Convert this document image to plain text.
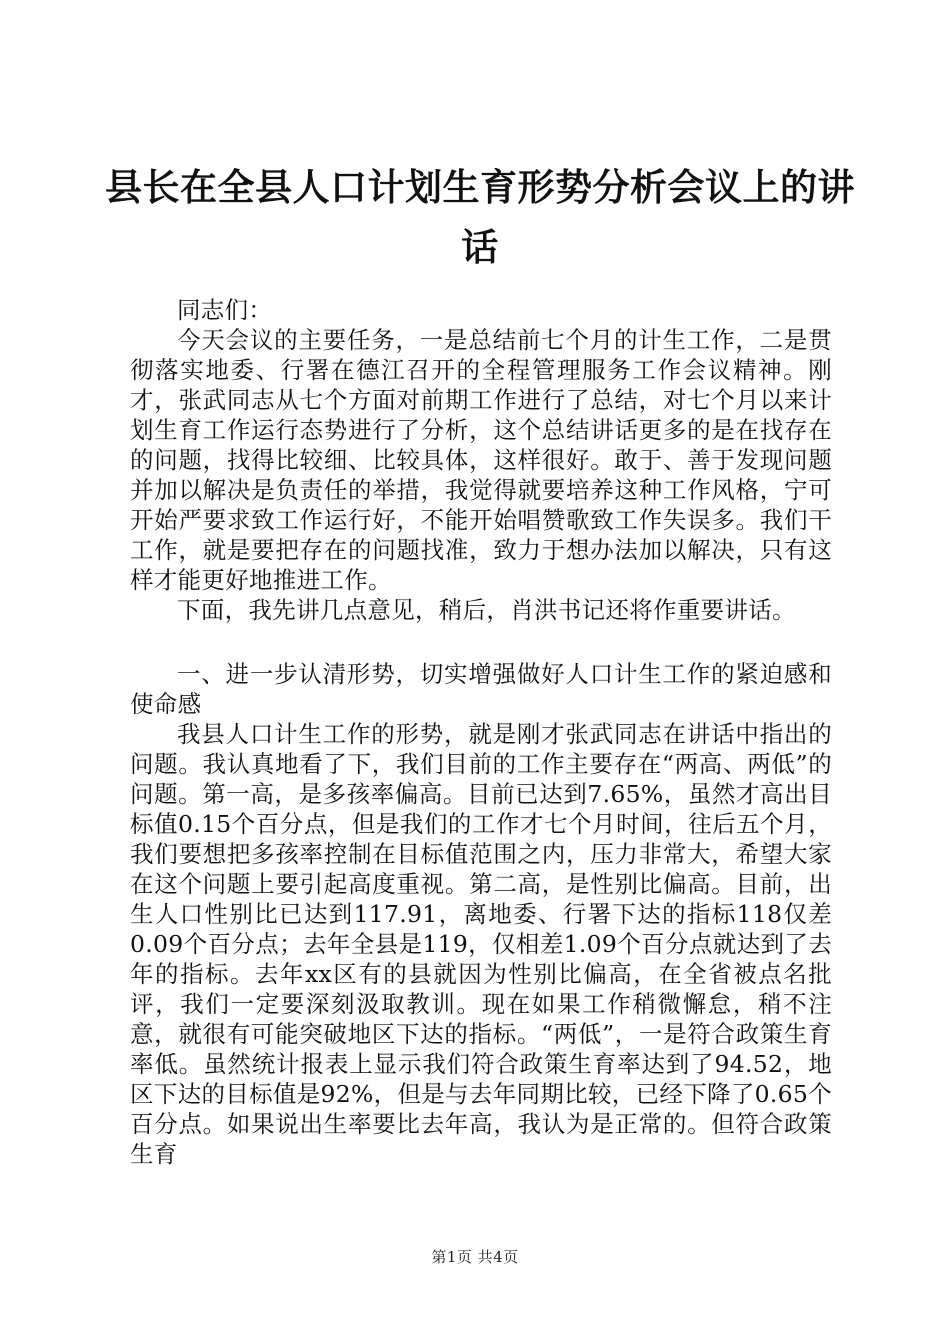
县长在全县人口计划生育形势分析会议上的讲话

同志们：

今天会议的主要任务，一是总结前七个月的计生工作，二是贯彻落实地委、行署在德江召开的全程管理服务工作会议精神。刚才，张武同志从七个方面对前期工作进行了总结，对七个月以来计划生育工作运行态势进行了分析，这个总结讲话更多的是在找存在的问题，找得比较细、比较具体，这样很好。敢于、善于发现问题并加以解决是负责任的举措，我觉得就要培养这种工作风格，宁可开始严要求致工作运行好，不能开始唱赞歌致工作失误多。我们干工作，就是要把存在的问题找准，致力于想办法加以解决，只有这样才能更好地推进工作。

下面，我先讲几点意见，稍后，肖洪书记还将作重要讲话。

一、进一步认清形势，切实增强做好人口计生工作的紧迫感和使命感

我县人口计生工作的形势，就是刚才张武同志在讲话中指出的问题。我认真地看了下，我们目前的工作主要存在“两高、两低”的问题。第一高，是多孩率偏高。目前已达到7.65%，虽然才高出目标值0.15个百分点，但是我们的工作才七个月时间，往后五个月，我们要想把多孩率控制在目标值范围之内，压力非常大，希望大家在这个问题上要引起高度重视。第二高，是性别比偏高。目前，出生人口性别比已达到117.91，离地委、行署下达的指标118仅差0.09个百分点；去年全县是119，仅相差1.09个百分点就达到了去年的指标。去年xx区有的县就因为性别比偏高，在全省被点名批评，我们一定要深刻汲取教训。现在如果工作稍微懈怠，稍不注意，就很有可能突破地区下达的指标。“两低”，一是符合政策生育率低。虽然统计报表上显示我们符合政策生育率达到了94.52，地区下达的目标值是92%，但是与去年同期比较，已经下降了0.65个百分点。如果说出生率要比去年高，我认为是正常的。但符合政策生育

第1页 共4页
